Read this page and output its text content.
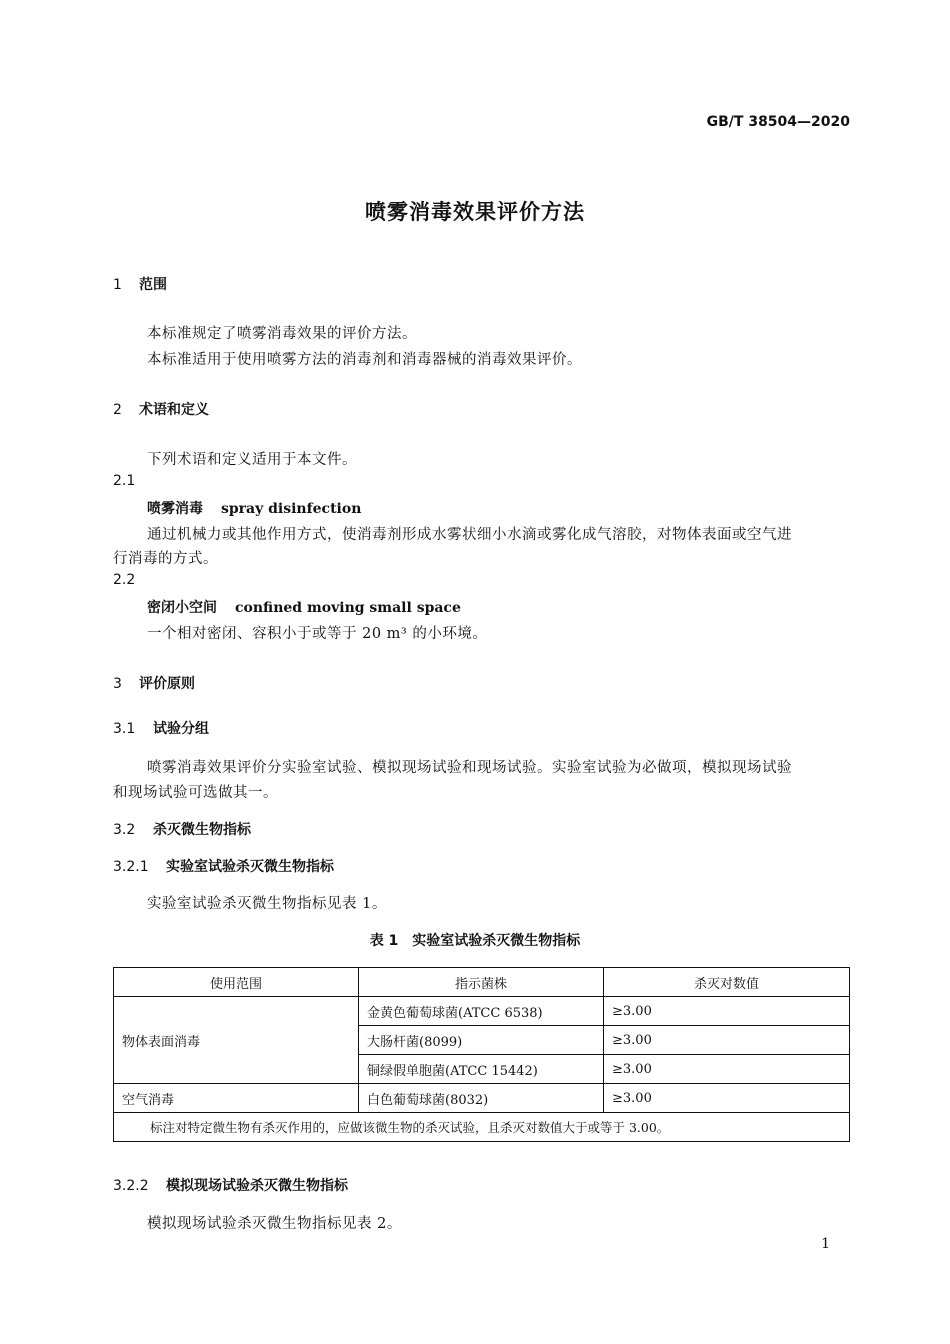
GB/T 38504—2020
喷雾消毒效果评价方法
1 范围
本标准规定了喷雾消毒效果的评价方法。
本标准适用于使用喷雾方法的消毒剂和消毒器械的消毒效果评价。
2 术语和定义
下列术语和定义适用于本文件。
2.1
喷雾消毒 spray disinfection
通过机械力或其他作用方式，使消毒剂形成水雾状细小水滴或雾化成气溶胶，对物体表面或空气进
行消毒的方式。
2.2
密闭小空间 confined moving small space
一个相对密闭、容积小于或等于 20 m³ 的小环境。
3 评价原则
3.1 试验分组
喷雾消毒效果评价分实验室试验、模拟现场试验和现场试验。实验室试验为必做项，模拟现场试验
和现场试验可选做其一。
3.2 杀灭微生物指标
3.2.1 实验室试验杀灭微生物指标
实验室试验杀灭微生物指标见表 1。
表 1　实验室试验杀灭微生物指标
使用范围	指示菌株	杀灭对数值
物体表面消毒	金黄色葡萄球菌(ATCC 6538)	≥3.00
	大肠杆菌(8099)	≥3.00
	铜绿假单胞菌(ATCC 15442)	≥3.00
空气消毒	白色葡萄球菌(8032)	≥3.00
标注对特定微生物有杀灭作用的，应做该微生物的杀灭试验，且杀灭对数值大于或等于 3.00。		
3.2.2 模拟现场试验杀灭微生物指标
模拟现场试验杀灭微生物指标见表 2。
1
